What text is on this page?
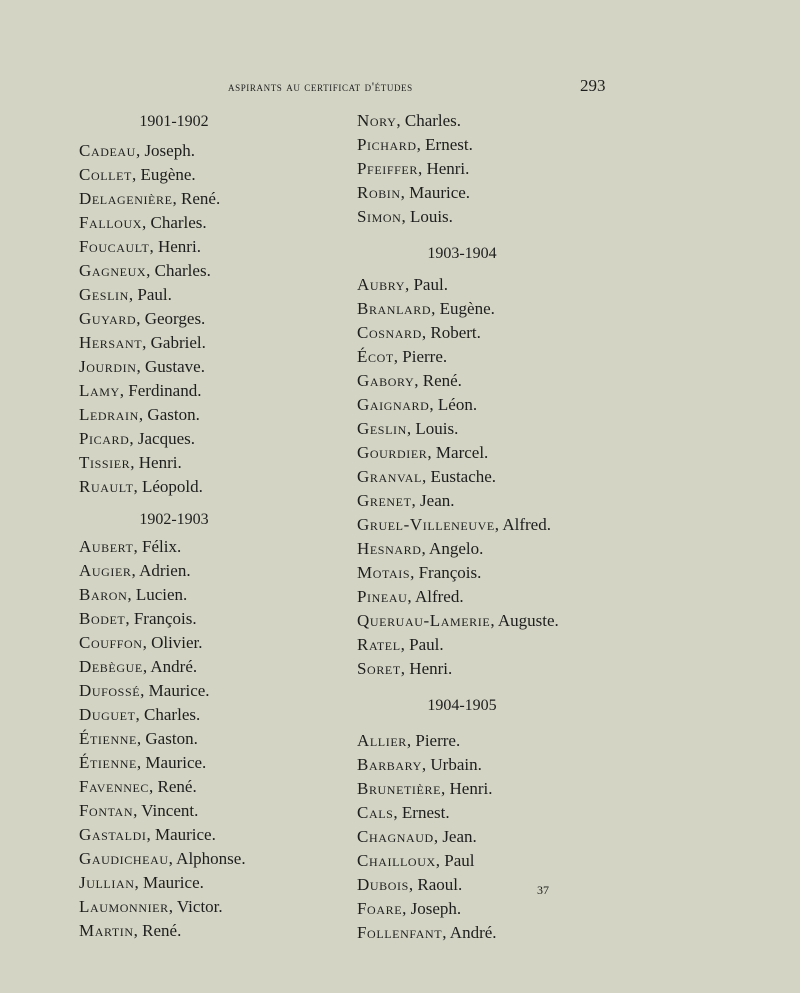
aspirants au certificat d'études	293
1901-1902
Cadeau, Joseph.
Collet, Eugène.
Delagenière, René.
Falloux, Charles.
Foucault, Henri.
Gagneux, Charles.
Geslin, Paul.
Guyard, Georges.
Hersant, Gabriel.
Jourdin, Gustave.
Lamy, Ferdinand.
Ledrain, Gaston.
Picard, Jacques.
Tissier, Henri.
Ruault, Léopold.
1902-1903
Aubert, Félix.
Augier, Adrien.
Baron, Lucien.
Bodet, François.
Couffon, Olivier.
Debègue, André.
Dufossé, Maurice.
Duguet, Charles.
Étienne, Gaston.
Étienne, Maurice.
Favennec, René.
Fontan, Vincent.
Gastaldi, Maurice.
Gaudicheau, Alphonse.
Jullian, Maurice.
Laumonnier, Victor.
Martin, René.
Nory, Charles.
Pichard, Ernest.
Pfeiffer, Henri.
Robin, Maurice.
Simon, Louis.
1903-1904
Aubry, Paul.
Branlard, Eugène.
Cosnard, Robert.
Écot, Pierre.
Gabory, René.
Gaignard, Léon.
Geslin, Louis.
Gourdier, Marcel.
Granval, Eustache.
Grenet, Jean.
Gruel-Villeneuve, Alfred.
Hesnard, Angelo.
Motais, François.
Pineau, Alfred.
Queruau-Lamerie, Auguste.
Ratel, Paul.
Soret, Henri.
1904-1905
Allier, Pierre.
Barbary, Urbain.
Brunetière, Henri.
Cals, Ernest.
Chagnaud, Jean.
Chailloux, Paul
Dubois, Raoul.
Foare, Joseph.
Follenfant, André.
37
